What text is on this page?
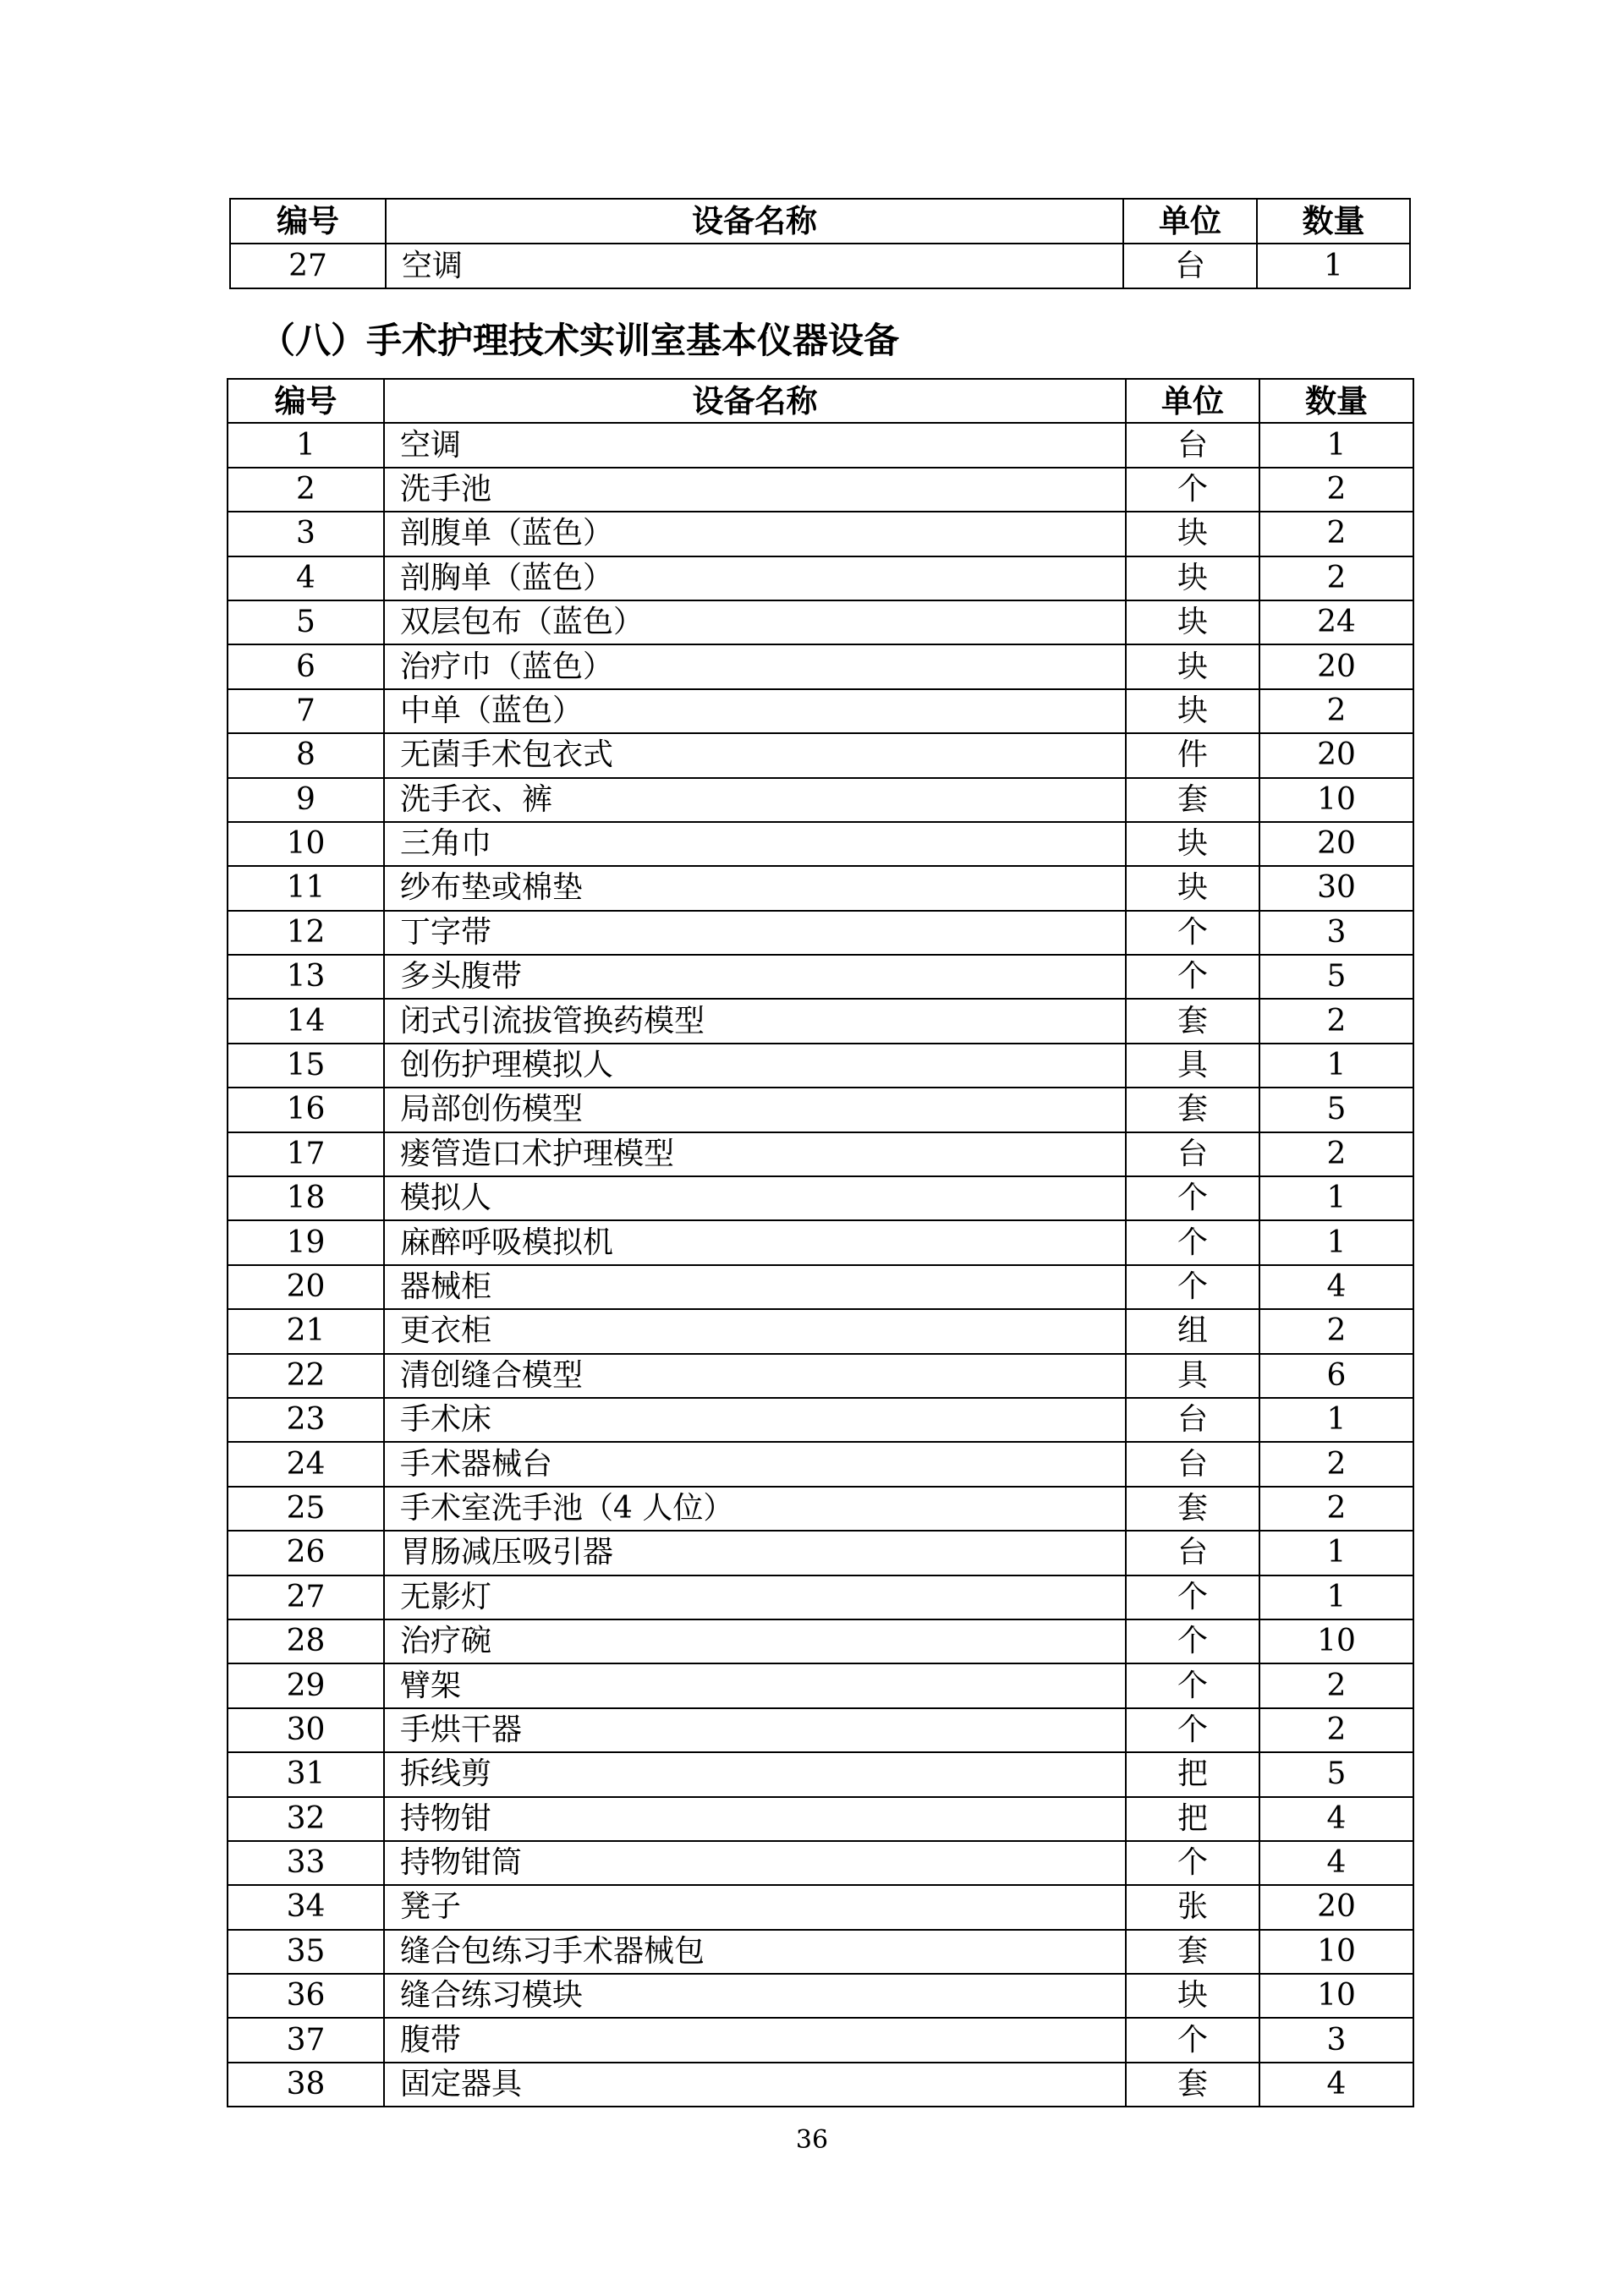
编号	设备名称	单位	数量
27	空调	台	1
（八）手术护理技术实训室基本仪器设备
编号	设备名称	单位	数量
1	空调	台	1
2	洗手池	个	2
3	剖腹单（蓝色）	块	2
4	剖胸单（蓝色）	块	2
5	双层包布（蓝色）	块	24
6	治疗巾（蓝色）	块	20
7	中单（蓝色）	块	2
8	无菌手术包衣式	件	20
9	洗手衣、裤	套	10
10	三角巾	块	20
11	纱布垫或棉垫	块	30
12	丁字带	个	3
13	多头腹带	个	5
14	闭式引流拔管换药模型	套	2
15	创伤护理模拟人	具	1
16	局部创伤模型	套	5
17	瘘管造口术护理模型	台	2
18	模拟人	个	1
19	麻醉呼吸模拟机	个	1
20	器械柜	个	4
21	更衣柜	组	2
22	清创缝合模型	具	6
23	手术床	台	1
24	手术器械台	台	2
25	手术室洗手池（4 人位）	套	2
26	胃肠减压吸引器	台	1
27	无影灯	个	1
28	治疗碗	个	10
29	臂架	个	2
30	手烘干器	个	2
31	拆线剪	把	5
32	持物钳	把	4
33	持物钳筒	个	4
34	凳子	张	20
35	缝合包练习手术器械包	套	10
36	缝合练习模块	块	10
37	腹带	个	3
38	固定器具	套	4
36
